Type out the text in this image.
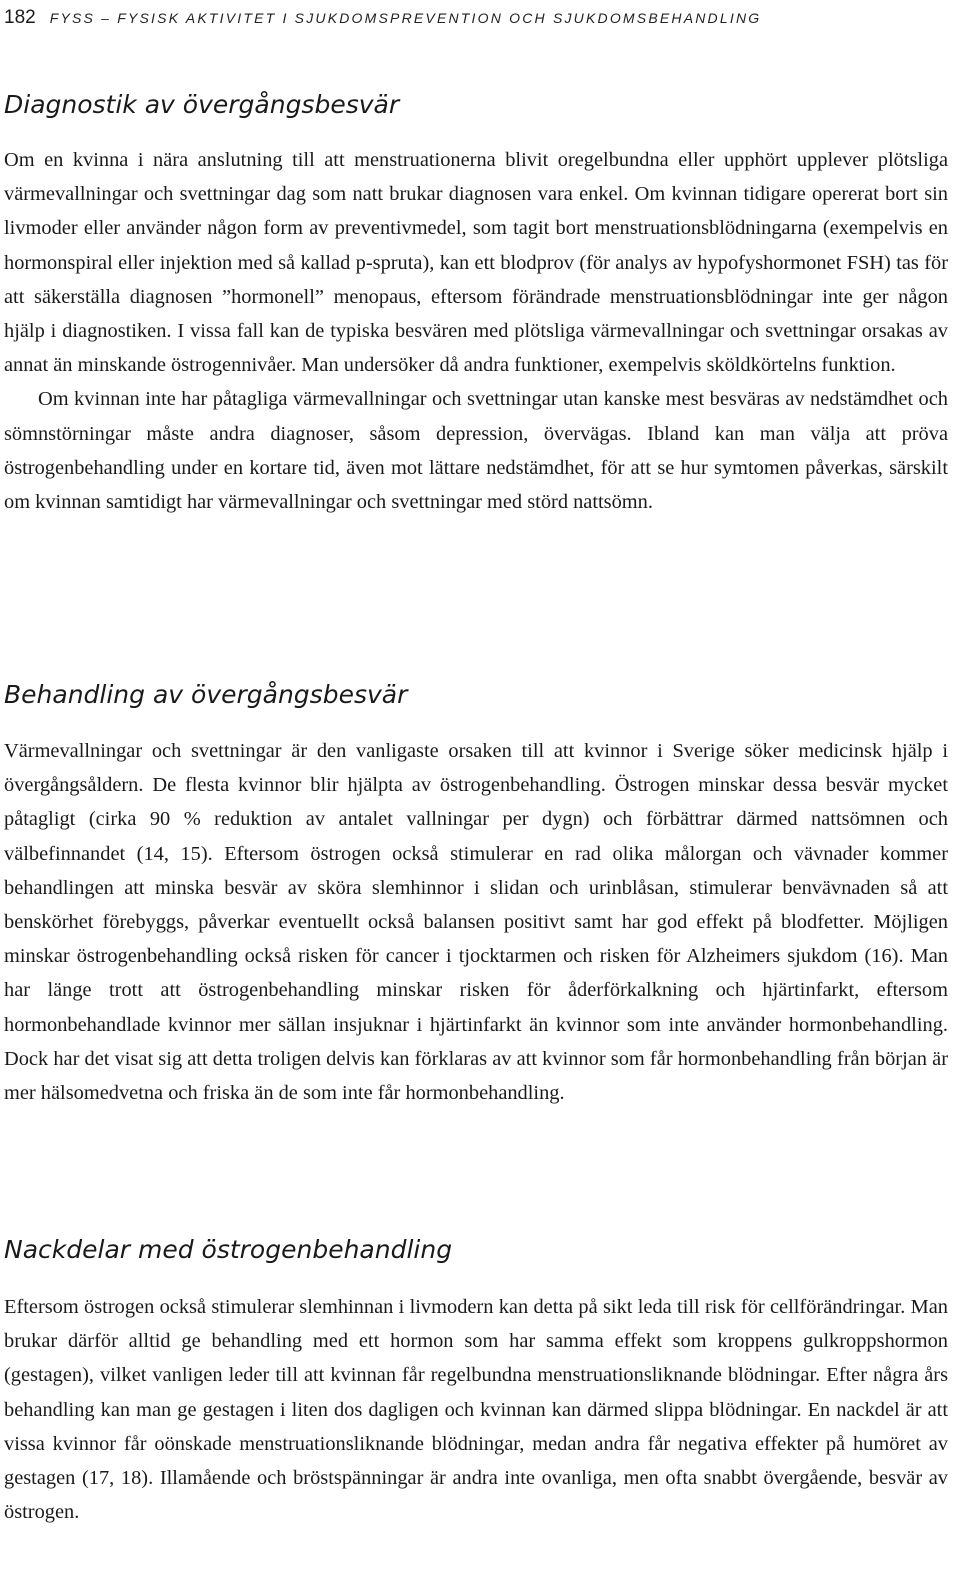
182 FYSS – FYSISK AKTIVITET I SJUKDOMSPREVENTION OCH SJUKDOMSBEHANDLING
Diagnostik av övergångsbesvär

Om en kvinna i nära anslutning till att menstruationerna blivit oregelbundna eller upphört upplever plötsliga värmevallningar och svettningar dag som natt brukar diagnosen vara enkel. Om kvinnan tidigare opererat bort sin livmoder eller använder någon form av preventivmedel, som tagit bort menstruationsblödningarna (exempelvis en hormonspiral eller injektion med så kallad p-spruta), kan ett blodprov (för analys av hypofyshormonet FSH) tas för att säkerställa diagnosen ”hormonell” menopaus, eftersom förändrade menstruationsblödningar inte ger någon hjälp i diagnostiken. I vissa fall kan de typiska besvären med plötsliga värmevallningar och svettningar orsakas av annat än minskande östrogennivåer. Man undersöker då andra funktioner, exempelvis sköldkörtelns funktion.

Om kvinnan inte har påtagliga värmevallningar och svettningar utan kanske mest besväras av nedstämdhet och sömnstörningar måste andra diagnoser, såsom depression, övervägas. Ibland kan man välja att pröva östrogenbehandling under en kortare tid, även mot lättare nedstämdhet, för att se hur symtomen påverkas, särskilt om kvinnan samtidigt har värmevallningar och svettningar med störd nattsömn.

Behandling av övergångsbesvär

Värmevallningar och svettningar är den vanligaste orsaken till att kvinnor i Sverige söker medicinsk hjälp i övergångsåldern. De flesta kvinnor blir hjälpta av östrogenbehandling. Östrogen minskar dessa besvär mycket påtagligt (cirka 90 % reduktion av antalet vallningar per dygn) och förbättrar därmed nattsömnen och välbefinnandet (14, 15). Eftersom östrogen också stimulerar en rad olika målorgan och vävnader kommer behandlingen att minska besvär av sköra slemhinnor i slidan och urinblåsan, stimulerar benvävnaden så att benskörhet förebyggs, påverkar eventuellt också balansen positivt samt har god effekt på blodfetter. Möjligen minskar östrogenbehandling också risken för cancer i tjocktarmen och risken för Alzheimers sjukdom (16). Man har länge trott att östrogenbehandling minskar risken för åderförkalkning och hjärtinfarkt, eftersom hormonbehandlade kvinnor mer sällan insjuknar i hjärtinfarkt än kvinnor som inte använder hormonbehandling. Dock har det visat sig att detta troligen delvis kan förklaras av att kvinnor som får hormonbehandling från början är mer hälsomedvetna och friska än de som inte får hormonbehandling.

Nackdelar med östrogenbehandling

Eftersom östrogen också stimulerar slemhinnan i livmodern kan detta på sikt leda till risk för cellförändringar. Man brukar därför alltid ge behandling med ett hormon som har samma effekt som kroppens gulkroppshormon (gestagen), vilket vanligen leder till att kvinnan får regelbundna menstruationsliknande blödningar. Efter några års behandling kan man ge gestagen i liten dos dagligen och kvinnan kan därmed slippa blödningar. En nackdel är att vissa kvinnor får oönskade menstruationsliknande blödningar, medan andra får negativa effekter på humöret av gestagen (17, 18). Illamående och bröstspänningar är andra inte ovanliga, men ofta snabbt övergående, besvär av östrogen.
